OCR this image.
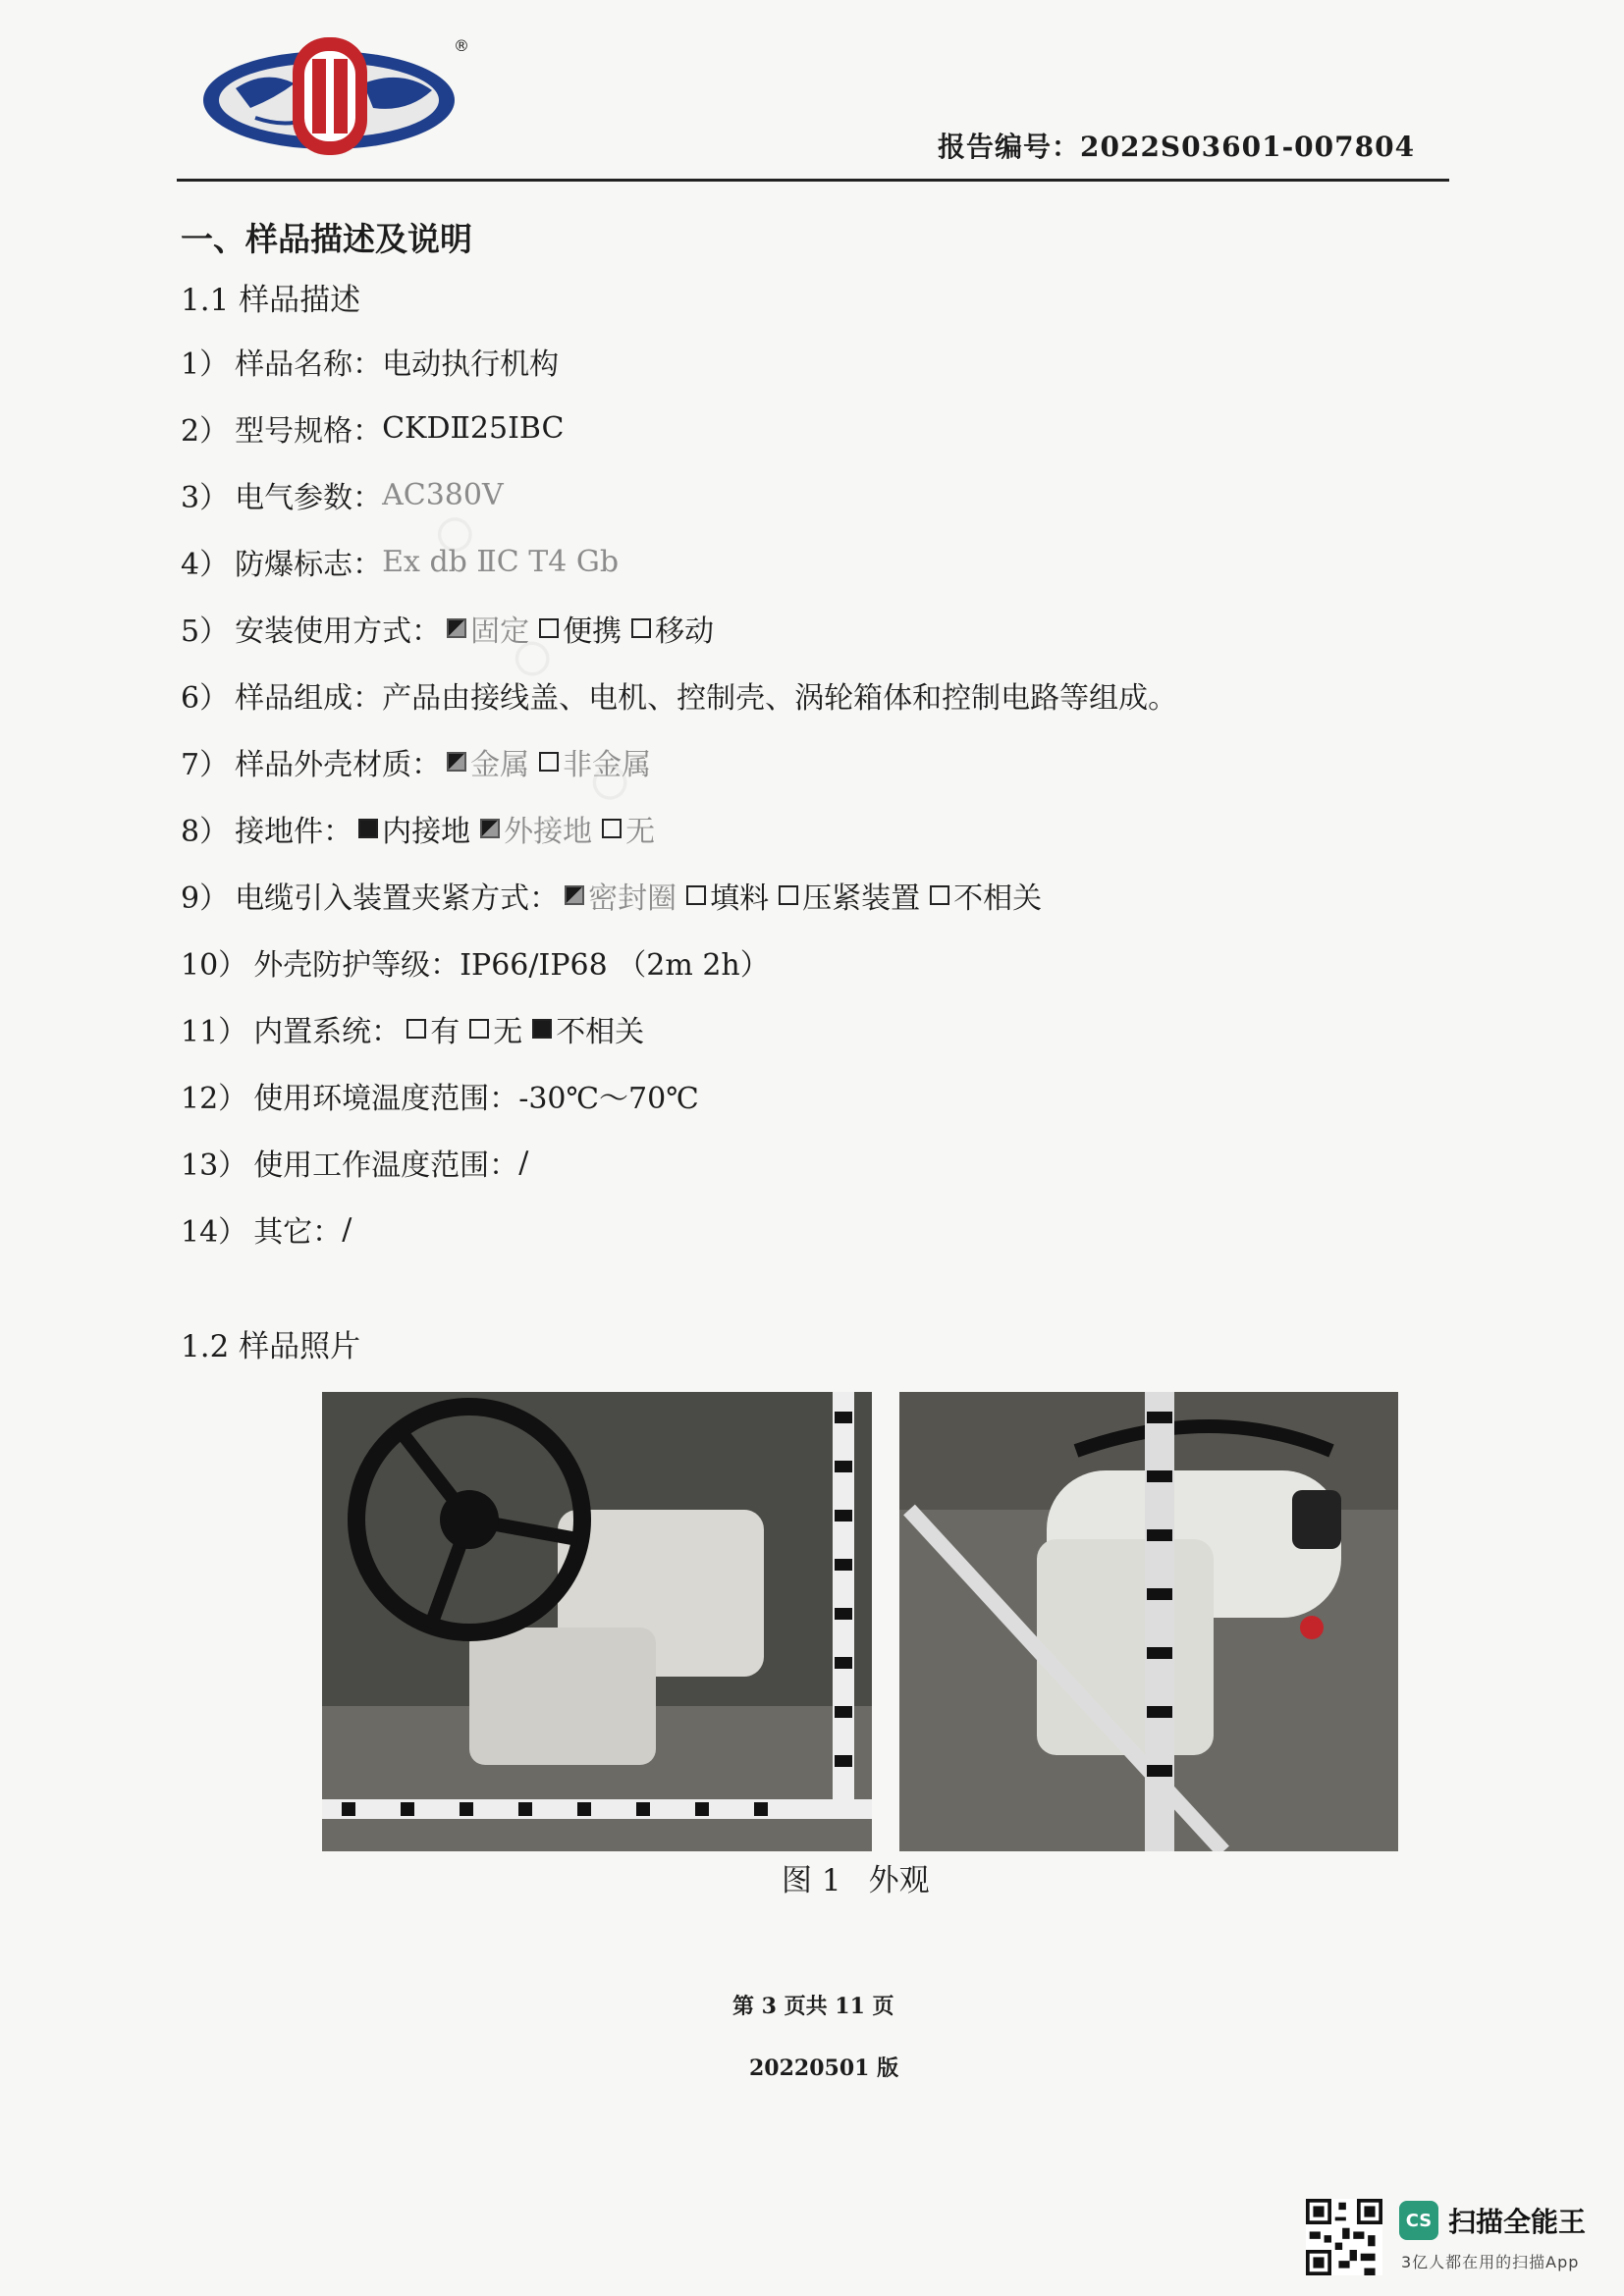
®
报告编号：2022S03601-007804
一、样品描述及说明
1.1 样品描述
1） 样品名称： 电动执行机构
2） 型号规格： CKDⅡ25ⅠBC
3） 电气参数： AC380V
4） 防爆标志： Ex db ⅡC T4 Gb
5） 安装使用方式： 固定 便携 移动
6） 样品组成： 产品由接线盖、电机、控制壳、涡轮箱体和控制电路等组成。
7） 样品外壳材质： 金属 非金属
8） 接地件： 内接地 外接地 无
9） 电缆引入装置夹紧方式： 密封圈 填料 压紧装置 不相关
10） 外壳防护等级： IP66/IP68 （2m 2h）
11） 内置系统： 有 无 不相关
12） 使用环境温度范围： -30℃～70℃
13） 使用工作温度范围： /
14） 其它： /
1.2 样品照片
图 1 外观
第 3 页共 11 页
20220501 版
CS 扫描全能王
3亿人都在用的扫描App
